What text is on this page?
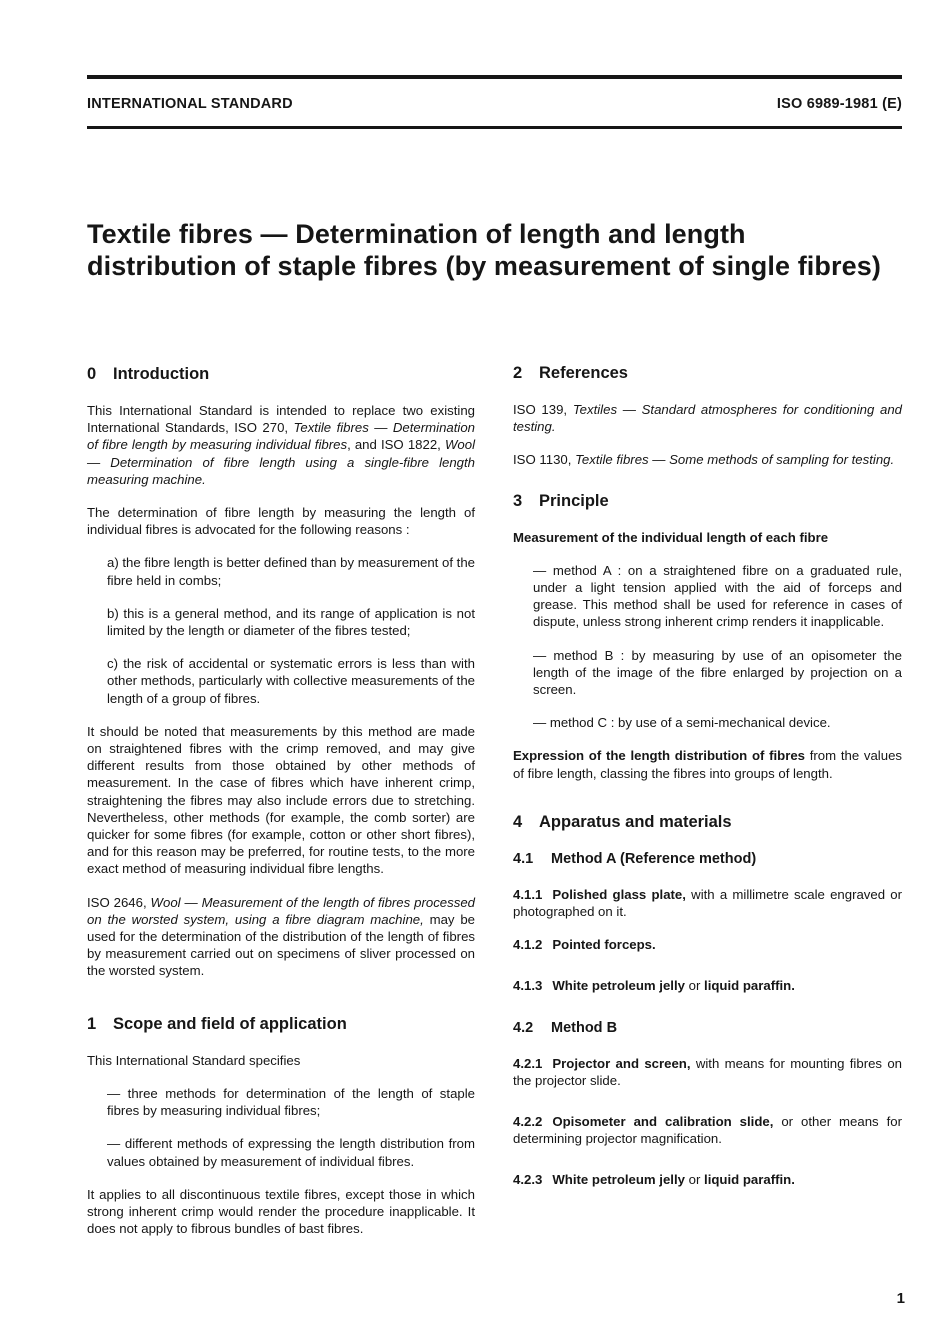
INTERNATIONAL STANDARD	ISO 6989-1981 (E)
Textile fibres — Determination of length and length distribution of staple fibres (by measurement of single fibres)
0 Introduction

This International Standard is intended to replace two existing International Standards, ISO 270, Textile fibres — Determination of fibre length by measuring individual fibres, and ISO 1822, Wool — Determination of fibre length using a single-fibre length measuring machine.

The determination of fibre length by measuring the length of individual fibres is advocated for the following reasons :

a) the fibre length is better defined than by measurement of the fibre held in combs;

b) this is a general method, and its range of application is not limited by the length or diameter of the fibres tested;

c) the risk of accidental or systematic errors is less than with other methods, particularly with collective measurements of the length of a group of fibres.

It should be noted that measurements by this method are made on straightened fibres with the crimp removed, and may give different results from those obtained by other methods of measurement. In the case of fibres which have inherent crimp, straightening the fibres may also include errors due to stretching. Nevertheless, other methods (for example, the comb sorter) are quicker for some fibres (for example, cotton or other short fibres), and for this reason may be preferred, for routine tests, to the more exact method of measuring individual fibre lengths.

ISO 2646, Wool — Measurement of the length of fibres processed on the worsted system, using a fibre diagram machine, may be used for the determination of the distribution of the length of fibres by measurement carried out on specimens of sliver processed on the worsted system.

1 Scope and field of application

This International Standard specifies

— three methods for determination of the length of staple fibres by measuring individual fibres;

— different methods of expressing the length distribution from values obtained by measurement of individual fibres.

It applies to all discontinuous textile fibres, except those in which strong inherent crimp would render the procedure inapplicable. It does not apply to fibrous bundles of bast fibres.

2 References

ISO 139, Textiles — Standard atmospheres for conditioning and testing.

ISO 1130, Textile fibres — Some methods of sampling for testing.

3 Principle

Measurement of the individual length of each fibre

— method A : on a straightened fibre on a graduated rule, under a light tension applied with the aid of forceps and grease. This method shall be used for reference in cases of dispute, unless strong inherent crimp renders it inapplicable.

— method B : by measuring by use of an opisometer the length of the image of the fibre enlarged by projection on a screen.

— method C : by use of a semi-mechanical device.

Expression of the length distribution of fibres from the values of fibre length, classing the fibres into groups of length.

4 Apparatus and materials
4.1 Method A (Reference method)

4.1.1 Polished glass plate, with a millimetre scale engraved or photographed on it.

4.1.2 Pointed forceps.

4.1.3 White petroleum jelly or liquid paraffin.

4.2 Method B

4.2.1 Projector and screen, with means for mounting fibres on the projector slide.

4.2.2 Opisometer and calibration slide, or other means for determining projector magnification.

4.2.3 White petroleum jelly or liquid paraffin.

1
